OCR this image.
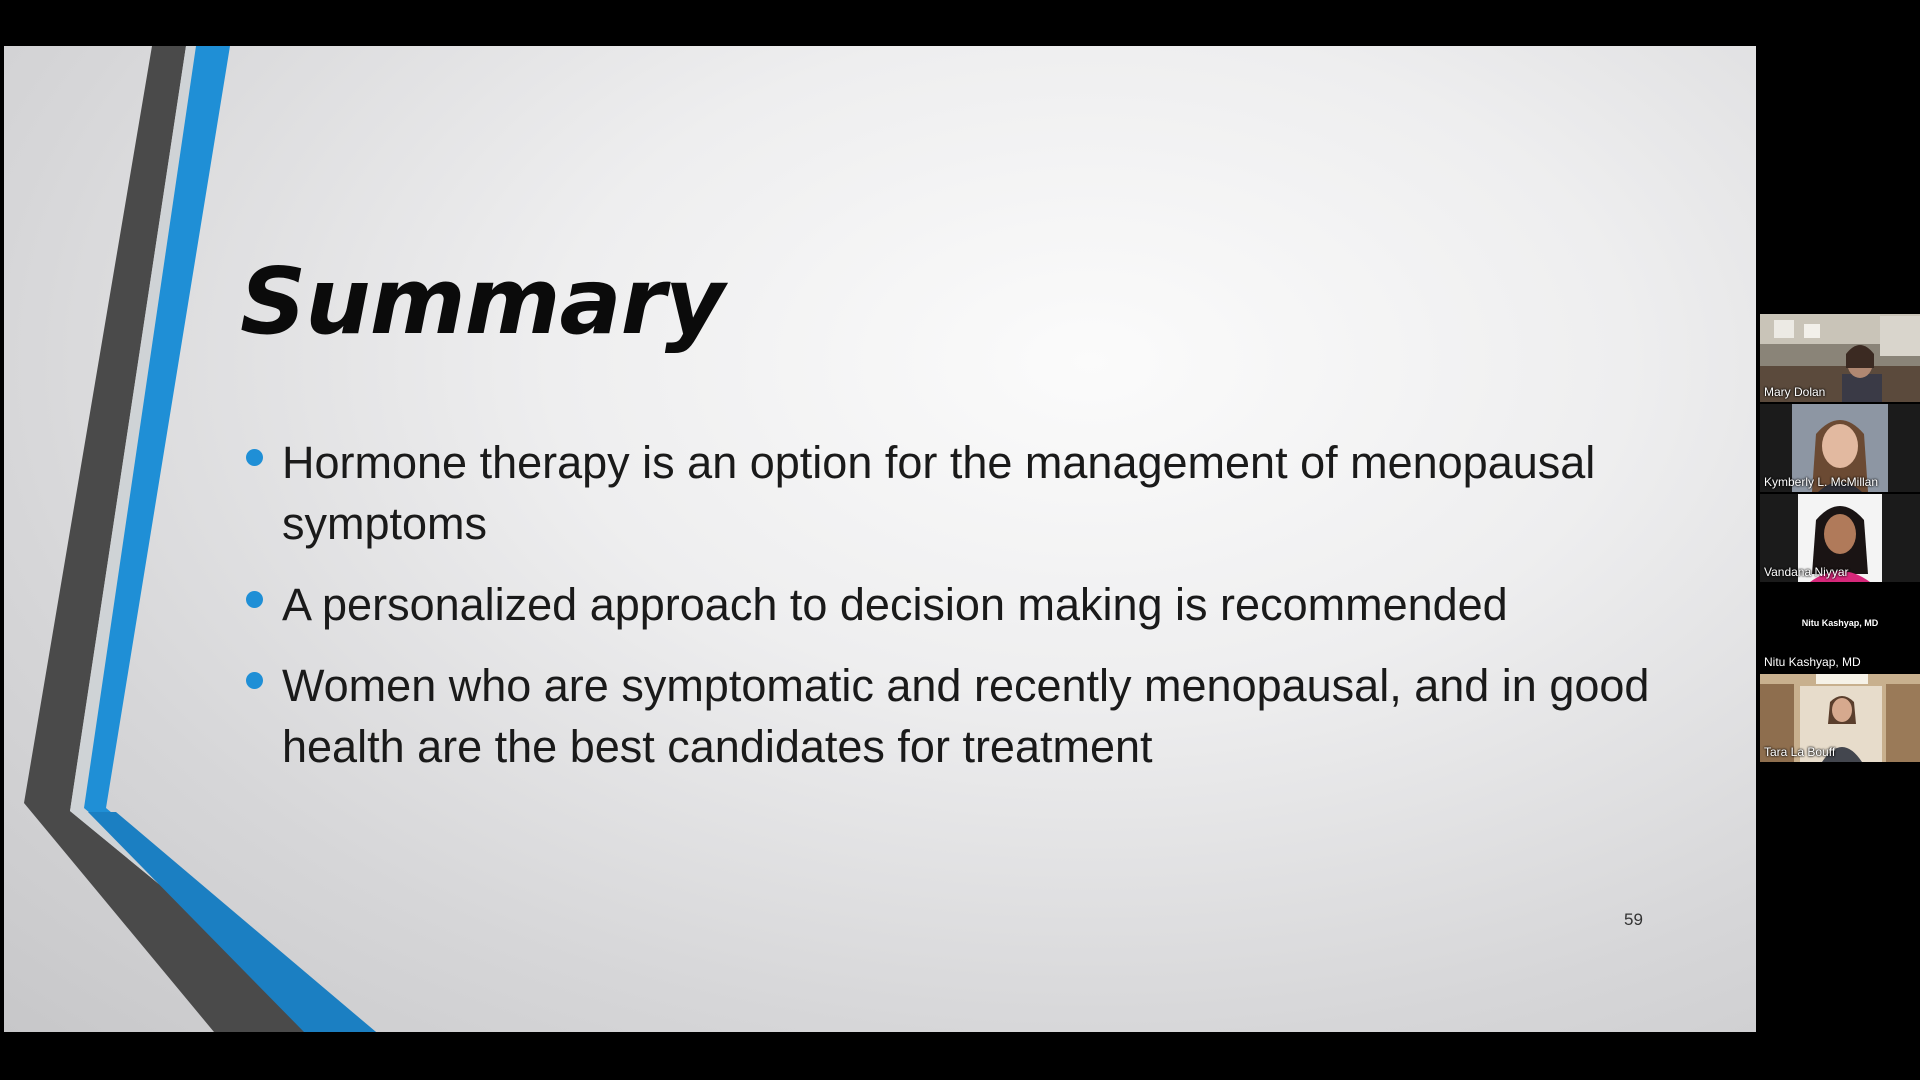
Summary
Hormone therapy is an option for the management of menopausal symptoms
A personalized approach to decision making is recommended
Women who are symptomatic and recently menopausal, and in good health are the best candidates for treatment
59
Mary Dolan
Kymberly L. McMillan
Vandana Niyyar
Nitu Kashyap, MD
Nitu Kashyap, MD
Tara La Bouff
